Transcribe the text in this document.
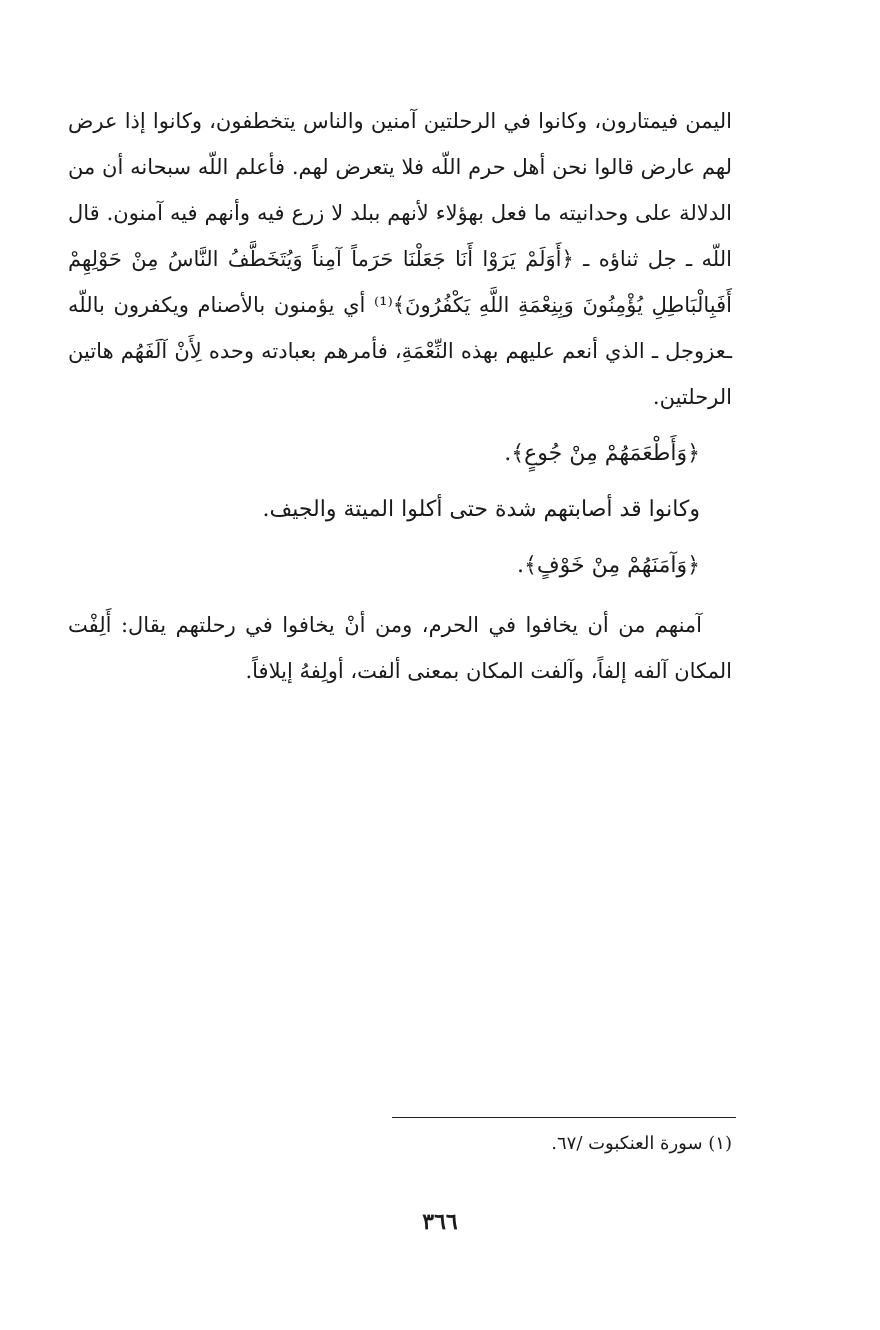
اليمن فيمتارون، وكانوا في الرحلتين آمنين والناس يتخطفون، وكانوا إذا عرض لهم عارض قالوا نحن أهل حرم اللّه فلا يتعرض لهم. فأعلم اللّه سبحانه أن من الدلالة على وحدانيته ما فعل بهؤلاء لأنهم ببلد لا زرع فيه وأنهم فيه آمنون. قال اللّه ـ جل ثناؤه ـ ﴿أَوَلَمْ يَرَوْا أَنَا جَعَلْنَا حَرَماً آمِناً وَيُتَخَطَّفُ النَّاسُ مِنْ حَوْلِهِمْ أَفَبِالْبَاطِلِ يُؤْمِنُونَ وَبِنِعْمَةِ اللَّهِ يَكْفُرُونَ﴾⁽¹⁾ أي يؤمنون بالأصنام ويكفرون باللّه ـعزوجل ـ الذي أنعم عليهم بهذه النِّعْمَةِ، فأمرهم بعبادته وحده لِأَنْ آلَفَهُم هاتين الرحلتين.

﴿وَأَطْعَمَهُمْ مِنْ جُوعٍ﴾.

وكانوا قد أصابتهم شدة حتى أكلوا الميتة والجيف.

﴿وَآمَنَهُمْ مِنْ خَوْفٍ﴾.

آمنهم من أن يخافوا في الحرم، ومن أنْ يخافوا في رحلتهم يقال: أَلِفْت المكان آلفه إلفاً، وآلفت المكان بمعنى ألفت، أولِفهُ إيلافاً.

(١) سورة العنكبوت /٦٧.

٣٦٦
